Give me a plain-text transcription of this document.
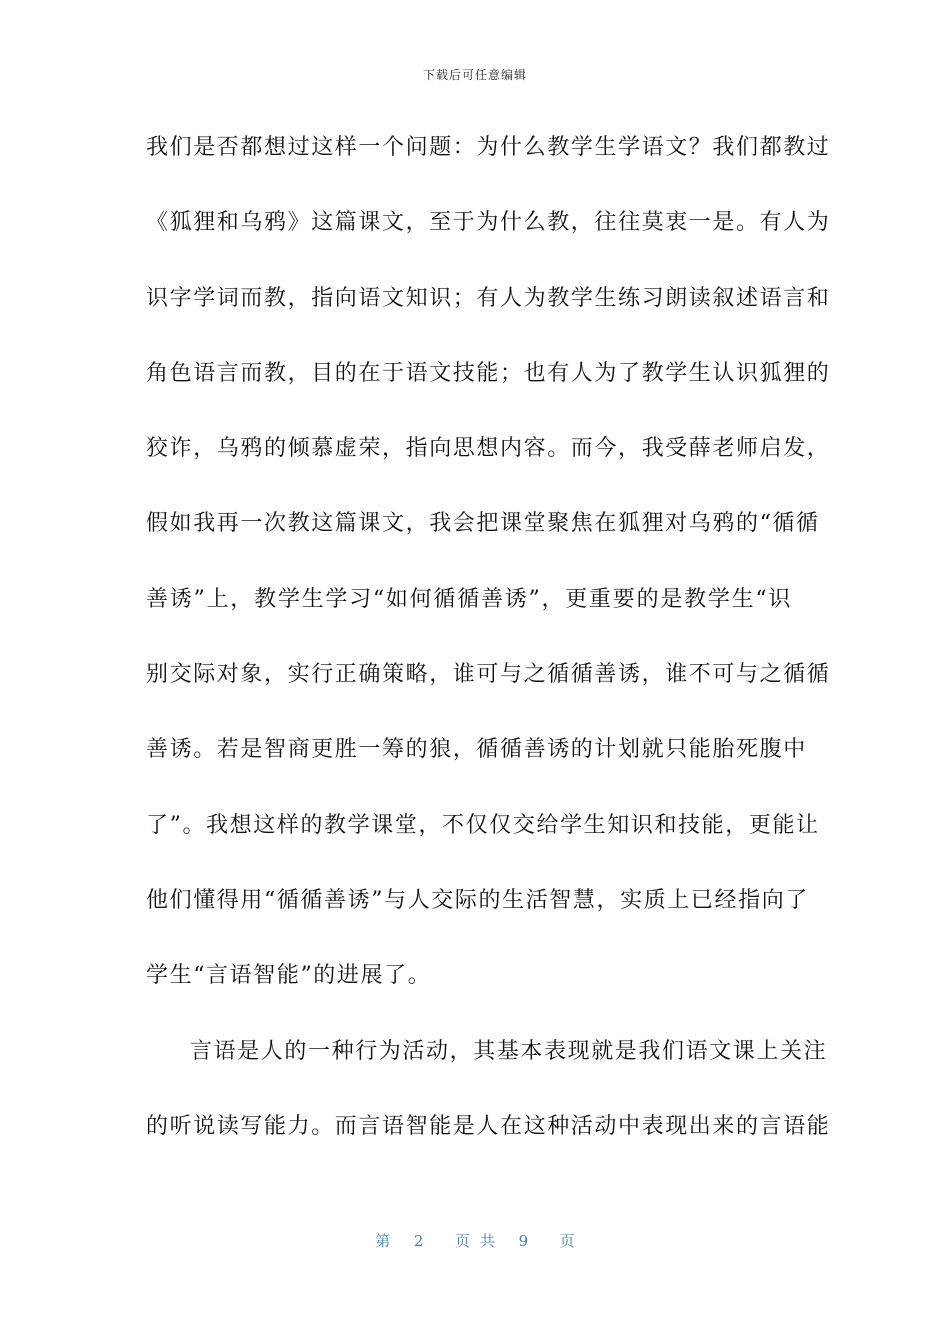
下载后可任意编辑
我们是否都想过这样一个问题：为什么教学生学语文？我们都教过
《狐狸和乌鸦》这篇课文，至于为什么教，往往莫衷一是。有人为
识字学词而教，指向语文知识；有人为教学生练习朗读叙述语言和
角色语言而教，目的在于语文技能；也有人为了教学生认识狐狸的
狡诈，乌鸦的倾慕虚荣，指向思想内容。而今，我受薛老师启发，
假如我再一次教这篇课文，我会把课堂聚焦在狐狸对乌鸦的“循循
善诱”上，教学生学习“如何循循善诱”，更重要的是教学生“识
别交际对象，实行正确策略，谁可与之循循善诱，谁不可与之循循
善诱。若是智商更胜一筹的狼，循循善诱的计划就只能胎死腹中
了”。我想这样的教学课堂，不仅仅交给学生知识和技能，更能让
他们懂得用“循循善诱”与人交际的生活智慧，实质上已经指向了
学生“言语智能”的进展了。
言语是人的一种行为活动，其基本表现就是我们语文课上关注
的听说读写能力。而言语智能是人在这种活动中表现出来的言语能
第 2 页共 9 页
